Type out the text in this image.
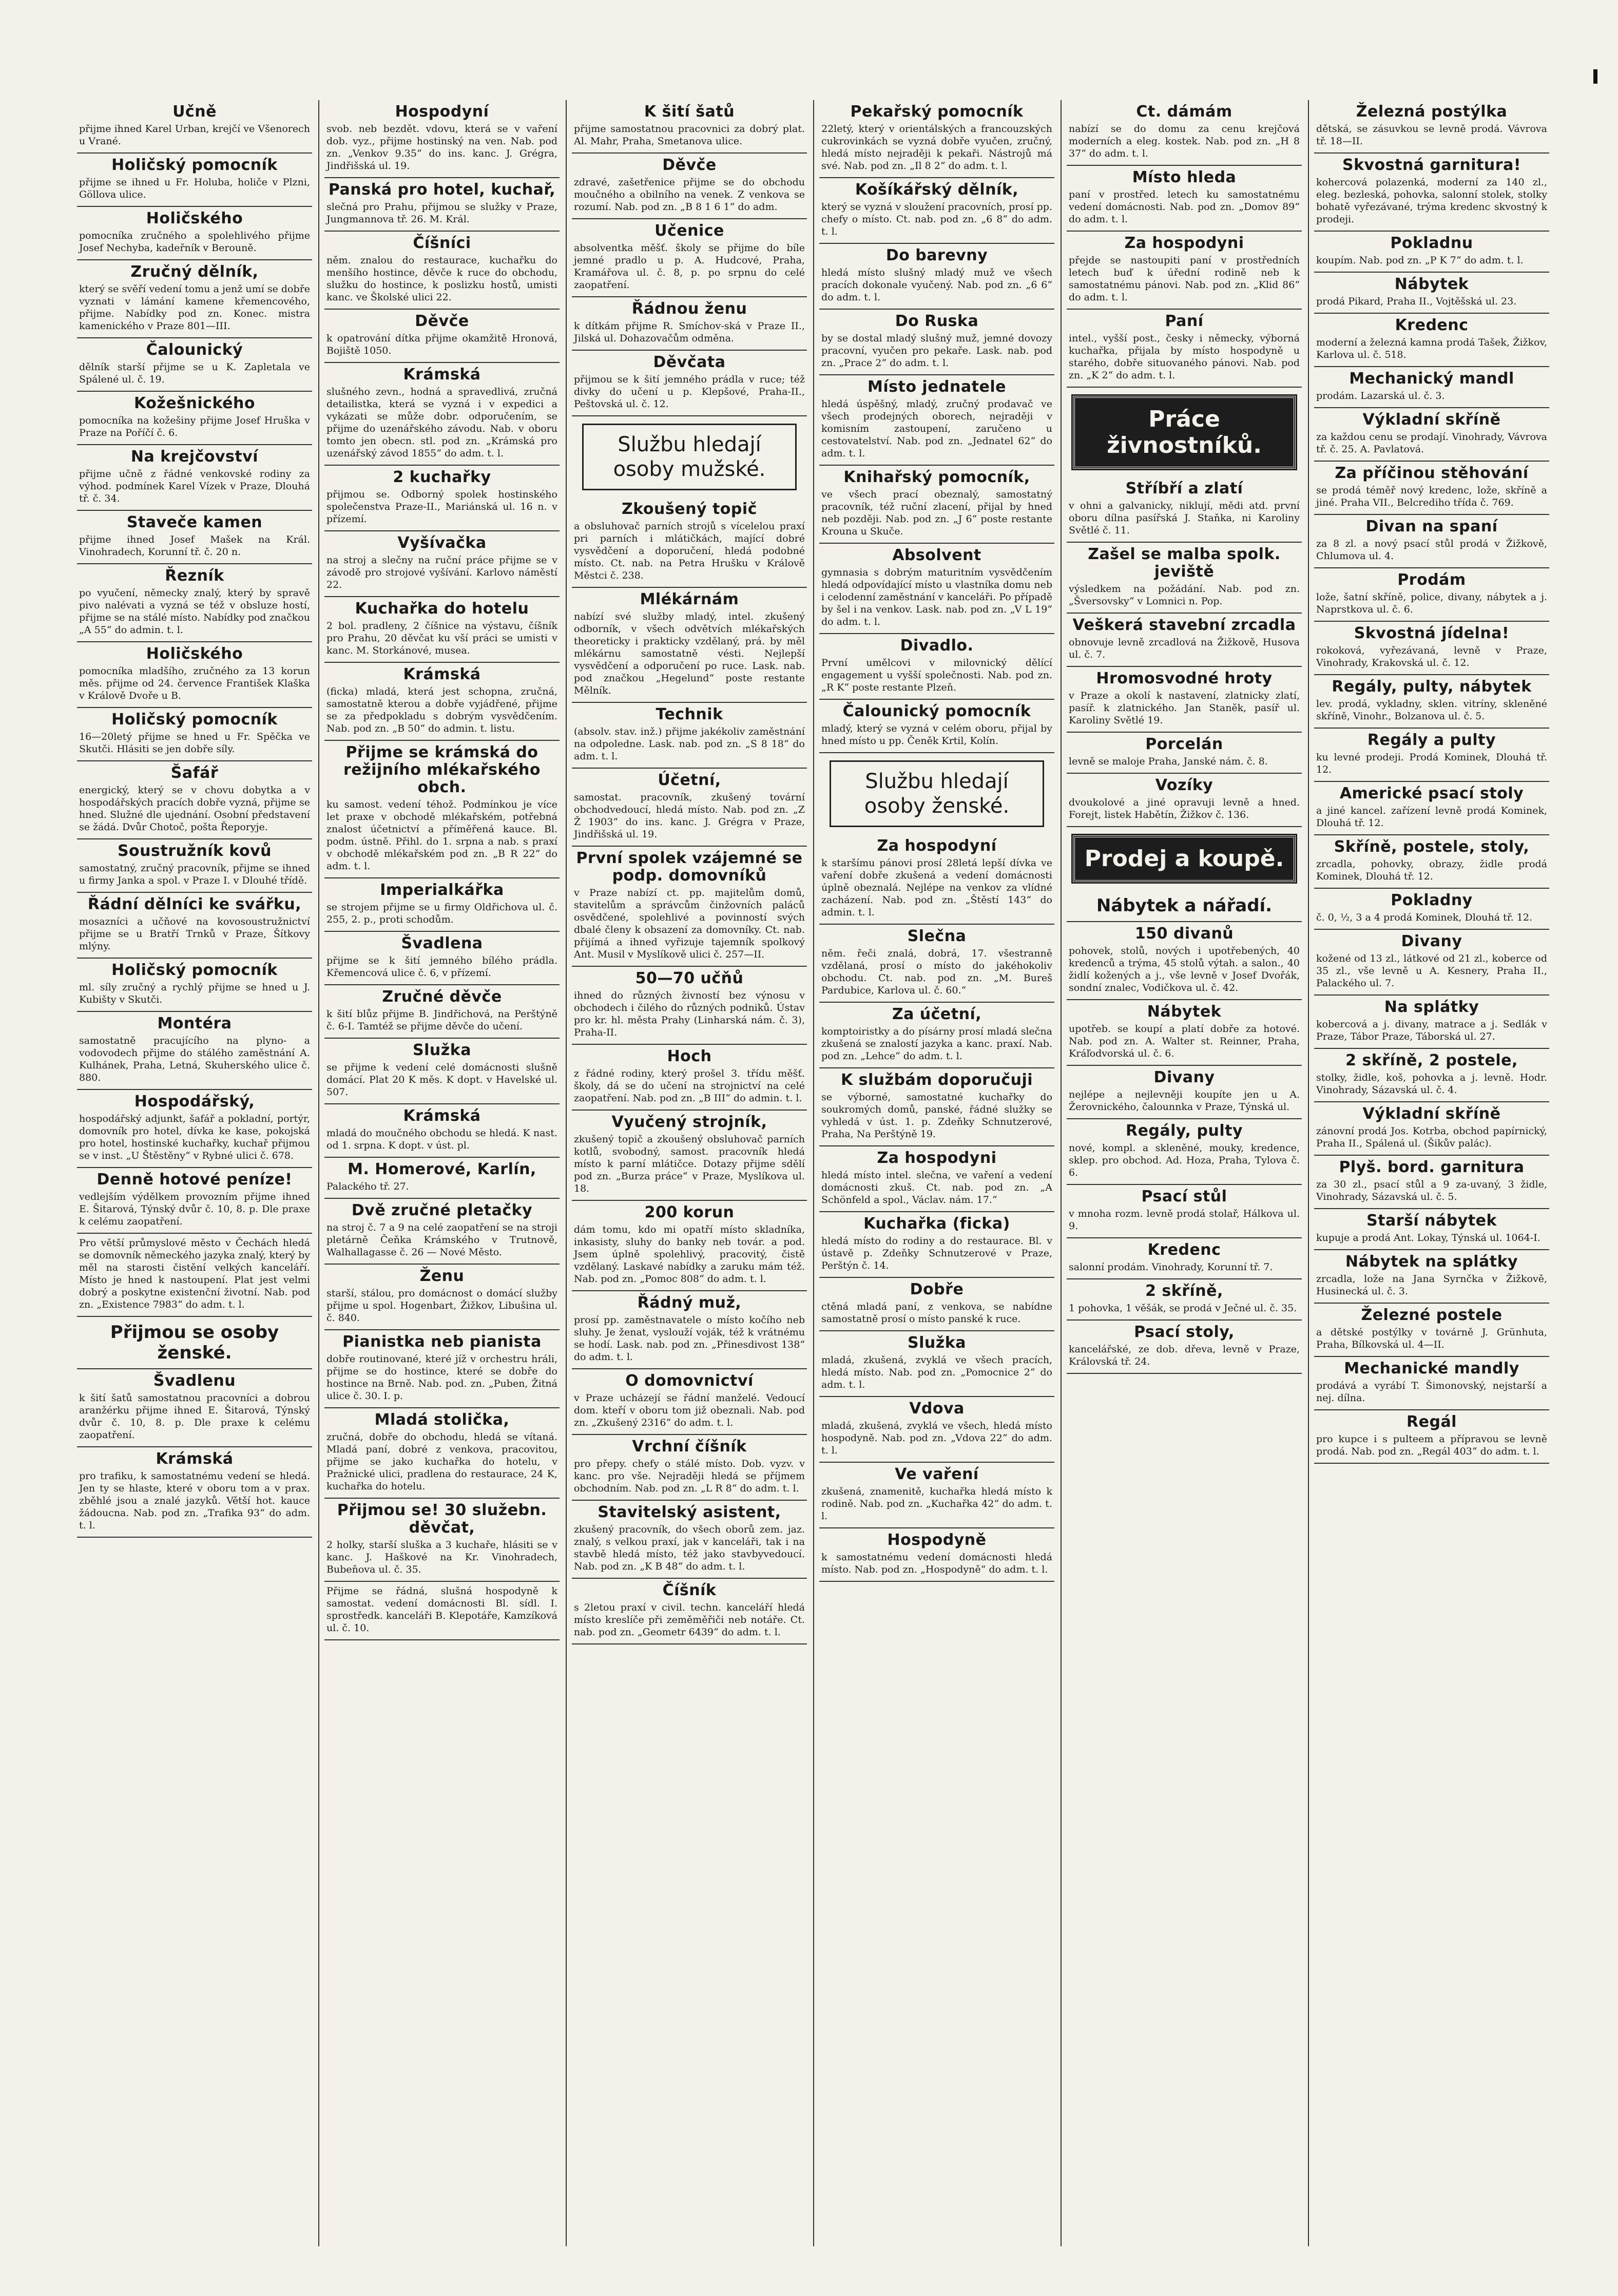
Učně

přijme ihned Karel Urban, krejčí ve Všenorech u Vrané.

Holičský pomocník

přijme se ihned u Fr. Holuba, holiče v Plzni, Göllova ulice.

Holičského

pomocníka zručného a spolehlivého přijme Josef Nechyba, kadeřník v Berouně.

Zručný dělník,

který se svěří vedení tomu a jenž umí se dobře vyznati v lámání kamene křemencového, přijme. Nabídky pod zn. Konec. mistra kamenického v Praze 801—III.

Čalounický

dělník starší přijme se u K. Zapletala ve Spálené ul. č. 19.

Kožešnického

pomocníka na kožešiny přijme Josef Hruška v Praze na Poříčí č. 6.

Na krejčovství

přijme učně z řádné venkovské rodiny za výhod. podmínek Karel Vízek v Praze, Dlouhá tř. č. 34.

Staveče kamen

přijme ihned Josef Mašek na Král. Vinohradech, Korunní tř. č. 20 n.

Řezník

po vyučení, německy znalý, který by spravě pivo nalévati a vyzná se též v obsluze hostí, přijme se na stálé místo. Nabídky pod značkou „A 55“ do admin. t. l.

Holičského

pomocníka mladšího, zručného za 13 korun měs. přijme od 24. července František Klaška v Králově Dvoře u B.

Holičský pomocník

16—20letý přijme se hned u Fr. Spěčka ve Skutči. Hlásiti se jen dobře síly.

Šafář

energický, který se v chovu dobytka a v hospodářských pracích dobře vyzná, přijme se hned. Služné dle ujednání. Osobní představení se žádá. Dvůr Chotoč, pošta Řeporyje.

Soustružník kovů

samostatný, zručný pracovník, přijme se ihned u firmy Janka a spol. v Praze I. v Dlouhé třídě.

Řádní dělníci ke svářku,

mosazníci a učňové na kovosoustružnictví přijme se u Bratří Trnků v Praze, Šítkovy mlýny.

Holičský pomocník

ml. síly zručný a rychlý přijme se hned u J. Kubišty v Skutči.

Montéra

samostatně pracujícího na plyno- a vodovodech přijme do stálého zaměstnání A. Kulhánek, Praha, Letná, Skuherského ulice č. 880.

Hospodářský,

hospodářský adjunkt, šafář a pokladní, portýr, domovník pro hotel, dívka ke kase, pokojská pro hotel, hostinské kuchařky, kuchař přijmou se v inst. „U Štěstěny“ v Rybné ulici č. 678.

Denně hotové peníze!

vedlejším výdělkem provozním přijme ihned E. Šitarová, Týnský dvůr č. 10, 8. p. Dle praxe k celému zaopatření.

Pro větší průmyslové město v Čechách hledá se domovník německého jazyka znalý, který by měl na starosti čistění velkých kanceláří. Místo je hned k nastoupení. Plat jest velmi dobrý a poskytne existenční životní. Nab. pod zn. „Existence 7983“ do adm. t. l.

Přijmou se osoby ženské.
Švadlenu

k šití šatů samostatnou pracovníci a dobrou aranžérku přijme ihned E. Šitarová, Týnský dvůr č. 10, 8. p. Dle praxe k celému zaopatření.

Krámská

pro trafiku, k samostatnému vedení se hledá. Jen ty se hlaste, které v oboru tom a v prax. zběhlé jsou a znalé jazyků. Větší hot. kauce žádoucna. Nab. pod zn. „Trafika 93“ do adm. t. l.

Hospodyní

svob. neb bezdět. vdovu, která se v vaření dob. vyz., přijme hostinský na ven. Nab. pod zn. „Venkov 9.35“ do ins. kanc. J. Grégra, Jindřišská ul. 19.

Panská pro hotel, kuchař,

slečná pro Prahu, přijmou se služky v Praze, Jungmannova tř. 26. M. Král.

Číšníci

něm. znalou do restaurace, kuchařku do menšího hostince, děvče k ruce do obchodu, služku do hostince, k poslizku hostů, umisti kanc. ve Školské ulici 22.

Děvče

k opatrování dítka přijme okamžitě Hronová, Bojiště 1050.

Krámská

slušného zevn., hodná a spravedlivá, zručná detailistka, která se vyzná i v expedici a vykázati se může dobr. odporučením, se přijme do uzenářského závodu. Nab. v oboru tomto jen obecn. stl. pod zn. „Krámská pro uzenářský závod 1855“ do adm. t. l.

2 kuchařky

přijmou se. Odborný spolek hostinského společenstva Praze-II., Mariánská ul. 16 n. v přízemí.

Vyšívačka

na stroj a slečny na ruční práce přijme se v závodě pro strojové vyšívání. Karlovo náměstí 22.

Kuchařka do hotelu

2 bol. pradleny, 2 číšnice na výstavu, číšník pro Prahu, 20 děvčat ku vší práci se umisti v kanc. M. Storkánové, musea.

Krámská

(ficka) mladá, která jest schopna, zručná, samostatně kterou a dobře vyjádřené, přijme se za předpokladu s dobrým vysvědčením. Nab. pod zn. „B 50“ do admin. t. listu.

Přijme se krámská do režijního mlékařského obch.

ku samost. vedení téhož. Podmínkou je více let praxe v obchodě mlékařském, potřebná znalost účetnictví a příměřená kauce. Bl. podm. ústně. Přihl. do 1. srpna a nab. s praxí v obchodě mlékařském pod zn. „B R 22“ do adm. t. l.

Imperialkářka

se strojem přijme se u firmy Oldřichova ul. č. 255, 2. p., proti schodům.

Švadlena

přijme se k šití jemného bílého prádla. Křemencová ulice č. 6, v přízemí.

Zručné děvče

k šití blůz přijme B. Jindřichová, na Perštýně č. 6-I. Tamtéž se přijme děvče do učení.

Služka

se přijme k vedení celé domácnosti slušně domácí. Plat 20 K měs. K dopt. v Havelské ul. 507.

Krámská

mladá do moučného obchodu se hledá. K nast. od 1. srpna. K dopt. v úst. pl.

M. Homerové, Karlín,

Palackého tř. 27.

Dvě zručné pletačky

na stroj č. 7 a 9 na celé zaopatření se na stroji pletárně Čeňka Krámského v Trutnově, Walhallagasse č. 26 — Nové Město.

Ženu

starší, stálou, pro domácnost o domácí služby přijme u spol. Hogenbart, Žižkov, Libušina ul. č. 840.

Pianistka neb pianista

dobře routinované, které jíž v orchestru hráli, přijme se do hostince, které se dobře do hostince na Brně. Nab. pod. zn. „Puben, Žitná ulice č. 30. I. p.

Mladá stolička,

zručná, dobře do obchodu, hledá se vítaná. Mladá paní, dobré z venkova, pracovitou, přijme se jako kuchařka do hotelu, v Pražnické ulici, pradlena do restaurace, 24 K, kuchařka do hotelu.

Přijmou se! 30 služebn. děvčat,

2 holky, starší sluška a 3 kuchaře, hlásiti se v kanc. J. Haškové na Kr. Vinohradech, Bubeňova ul. č. 35.

Přijme se řádná, slušná hospodyně k samostat. vedení domácnosti Bl. sídl. I. sprostředk. kanceláři B. Klepotáře, Kamzíková ul. č. 10.

K šití šatů

přijme samostatnou pracovnici za dobrý plat. Al. Mahr, Praha, Smetanova ulice.

Děvče

zdravé, zašetřenice přijme se do obchodu moučného a obilního na venek. Z venkova se rozumí. Nab. pod zn. „B 8 1 6 1“ do adm.

Učenice

absolventka měšť. školy se přijme do bíle jemné pradlo u p. A. Hudcové, Praha, Kramářova ul. č. 8, p. po srpnu do celé zaopatření.

Řádnou ženu

k dítkám přijme R. Smíchov-ská v Praze II., Jilská ul. Dohazovačům odměna.

Děvčata

přijmou se k šití jemného prádla v ruce; též divky do učení u p. Klepšové, Praha-II., Peštovská ul. č. 12.

Službu hledají osoby mužské.
Zkoušený topič

a obsluhovač parních strojů s vícelelou praxí pri parních i mlátičkách, mající dobré vysvědčení a doporučení, hledá podobné místo. Ct. nab. na Petra Hrušku v Králově Městci č. 238.

Mlékárnám

nabízí své služby mladý, intel. zkušený odborník, v všech odvětvích mlékařských theoreticky i prakticky vzdělaný, prá. by měl mlékárnu samostatně vésti. Nejlepší vysvědčení a odporučení po ruce. Lask. nab. pod značkou „Hegelund“ poste restante Mělník.

Technik

(absolv. stav. inž.) přijme jakékoliv zaměstnání na odpoledne. Lask. nab. pod zn. „S 8 18“ do adm. t. l.

Účetní,

samostat. pracovník, zkušený tovární obchodvedoucí, hledá místo. Nab. pod zn. „Z Ž 1903“ do ins. kanc. J. Grégra v Praze, Jindřišská ul. 19.

První spolek vzájemné se podp. domovníků

v Praze nabízí ct. pp. majitelům domů, stavitelům a správcům činžovních paláců osvědčené, spolehlivé a povinností svých dbalé členy k obsazení za domovníky. Ct. nab. přijímá a ihned vyřizuje tajemník spolkový Ant. Musil v Myslíkově ulici č. 257—II.

50—70 učňů

ihned do různých živností bez výnosu v obchodech i čilého do různých podniků. Ústav pro kr. hl. města Prahy (Linharská nám. č. 3), Praha-II.

Hoch

z řádné rodiny, který prošel 3. třídu měšť. školy, dá se do učení na strojnictví na celé zaopatření. Nab. pod zn. „B III“ do admin. t. l.

Vyučený strojník,

zkušený topič a zkoušený obsluhovač parních kotlů, svobodný, samost. pracovník hledá místo k parní mlátičce. Dotazy přijme sdělí pod zn. „Burza práce“ v Praze, Myslíkova ul. 18.

200 korun

dám tomu, kdo mi opatří místo skladníka, inkasisty, sluhy do banky neb továr. a pod. Jsem úplně spolehlivý, pracovitý, čistě vzdělaný. Laskavé nabídky a zaruku mám též. Nab. pod zn. „Pomoc 808“ do adm. t. l.

Řádný muž,

prosí pp. zaměstnavatele o místo kočího neb sluhy. Je ženat, vyslouží voják, též k vrátnému se hodí. Lask. nab. pod zn. „Přinesdivost 138“ do adm. t. l.

O domovnictví

v Praze ucházejí se řádní manželé. Vedoucí dom. kteří v oboru tom již obeznali. Nab. pod zn. „Zkušený 2316“ do adm. t. l.

Vrchní číšník

pro přepy. chefy o stálé místo. Dob. vyzv. v kanc. pro vše. Nejraději hledá se příjmem obchodním. Nab. pod zn. „L R 8“ do adm. t. l.

Stavitelský asistent,

zkušený pracovník, do všech oborů zem. jaz. znalý, s velkou praxí, jak v kanceláři, tak i na stavbě hledá místo, též jako stavbyvedoucí. Nab. pod zn. „K B 48“ do adm. t. l.

Číšník

s 2letou praxí v civil. techn. kanceláří hledá místo kreslíče při zeměměřiči neb notáře. Ct. nab. pod zn. „Geometr 6439“ do adm. t. l.

Pekařský pomocník

22letý, který v orientálských a francouzských cukrovinkách se vyzná dobře vyučen, zručný, hledá místo nejraději k pekaři. Nástrojů má své. Nab. pod zn. „Il 8 2“ do adm. t. l.

Košíkářský dělník,

který se vyzná v sloužení pracovních, prosí pp. chefy o místo. Ct. nab. pod zn. „6 8“ do adm. t. l.

Do barevny

hledá místo slušný mladý muž ve všech pracích dokonale vyučený. Nab. pod zn. „6 6“ do adm. t. l.

Do Ruska

by se dostal mladý slušný muž, jemné dovozy pracovní, vyučen pro pekaře. Lask. nab. pod zn. „Prace 2“ do adm. t. l.

Místo jednatele

hledá úspěšný, mladý, zručný prodavač ve všech prodejných oborech, nejraději v komisním zastoupení, zaručeno u cestovatelství. Nab. pod zn. „Jednatel 62“ do adm. t. l.

Knihařský pomocník,

ve všech prací obeznalý, samostatný pracovník, též ruční zlacení, přijal by hned neb později. Nab. pod zn. „J 6“ poste restante Krouna u Skuče.

Absolvent

gymnasia s dobrým maturitním vysvědčením hledá odpovídající místo u vlastníka domu neb i celodenní zaměstnání v kanceláři. Po případě by šel i na venkov. Lask. nab. pod zn. „V L 19“ do adm. t. l.

Divadlo.

První umělcovi v milovnický dělící engagement u vyšší společnosti. Nab. pod zn. „R K“ poste restante Plzeň.

Čalounický pomocník

mladý, který se vyzná v celém oboru, přijal by hned místo u pp. Čeněk Krtil, Kolín.

Službu hledají osoby ženské.
Za hospodyní

k staršímu pánovi prosí 28letá lepší dívka ve vaření dobře zkušená a vedení domácnosti úplně obeznalá. Nejlépe na venkov za vlídné zacházení. Nab. pod zn. „Štěstí 143“ do admin. t. l.

Slečna

něm. řeči znalá, dobrá, 17. všestranně vzdělaná, prosí o místo do jakéhokoliv obchodu. Ct. nab. pod zn. „M. Bureš Pardubice, Karlova ul. č. 60.“

Za účetní,

komptoiristky a do písárny prosí mladá slečna zkušená se znalostí jazyka a kanc. praxí. Nab. pod zn. „Lehce“ do adm. t. l.

K službám doporučuji

se výborné, samostatné kuchařky do soukromých domů, panské, řádné služky se vyhledá v úst. 1. p. Zdeňky Schnutzerové, Praha, Na Perštýně 19.

Za hospodyni

hledá místo intel. slečna, ve vaření a vedení domácnosti zkuš. Ct. nab. pod zn. „A Schönfeld a spol., Václav. nám. 17.“

Kuchařka (ficka)

hledá místo do rodiny a do restaurace. Bl. v ústavě p. Zdeňky Schnutzerové v Praze, Perštýn č. 14.

Dobře

ctěná mladá paní, z venkova, se nabídne samostatně prosí o místo panské k ruce.

Služka

mladá, zkušená, zvyklá ve všech pracích, hledá místo. Nab. pod zn. „Pomocnice 2“ do adm. t. l.

Vdova

mladá, zkušená, zvyklá ve všech, hledá místo hospodyně. Nab. pod zn. „Vdova 22“ do adm. t. l.

Ve vaření

zkušená, znamenitě, kuchařka hledá místo k rodině. Nab. pod zn. „Kuchařka 42“ do adm. t. l.

Hospodyně

k samostatnému vedení domácnosti hledá místo. Nab. pod zn. „Hospodyně“ do adm. t. l.

Ct. dámám

nabízí se do domu za cenu krejčová moderních a eleg. kostek. Nab. pod zn. „H 8 37“ do adm. t. l.

Místo hleda

paní v prostřed. letech ku samostatnému vedení domácnosti. Nab. pod zn. „Domov 89“ do adm. t. l.

Za hospodyni

přejde se nastoupiti paní v prostředních letech buď k úřední rodině neb k samostatnému pánovi. Nab. pod zn. „Klid 86“ do adm. t. l.

Paní

intel., vyšší post., česky i německy, výborná kuchařka, přijala by místo hospodyně u starého, dobře situovaného pánovi. Nab. pod zn. „K 2“ do adm. t. l.

Práce živnostníků.
Stříbří a zlatí

v ohni a galvanicky, niklují, mědi atd. první oboru dílna pasířská J. Staňka, ni Karoliny Světlé č. 11.

Zašel se malba spolk. jeviště

výsledkem na požádání. Nab. pod zn. „Šversovsky“ v Lomnici n. Pop.

Veškerá stavební zrcadla

obnovuje levně zrcadlová na Žižkově, Husova ul. č. 7.

Hromosvodné hroty

v Praze a okolí k nastavení, zlatnicky zlatí, pasíř. k zlatnického. Jan Staněk, pasíř ul. Karoliny Světlé 19.

Porcelán

levně se maloje Praha, Janské nám. č. 8.

Vozíky

dvoukolové a jiné opravuji levně a hned. Forejt, listek Habětín, Žižkov č. 136.

Prodej a koupě.
Nábytek a nářadí.
150 divanů

pohovek, stolů, nových i upotřebených, 40 kredenců a trýma, 45 stolů výtah. a salon., 40 židlí kožených a j., vše levně v Josef Dvořák, sondní znalec, Vodičkova ul. č. 42.

Nábytek

upotřeb. se koupí a platí dobře za hotové. Nab. pod zn. A. Walter st. Reinner, Praha, Kráľodvorská ul. č. 6.

Divany

nejlépe a nejlevněji koupíte jen u A. Žerovnického, čalounnka v Praze, Týnská ul.

Regály, pulty

nové, kompl. a skleněné, mouky, kredence, sklep. pro obchod. Ad. Hoza, Praha, Tylova č. 6.

Psací stůl

v mnoha rozm. levně prodá stolař, Hálkova ul. 9.

Kredenc

salonní prodám. Vinohrady, Korunní tř. 7.

2 skříně,

1 pohovka, 1 věšák, se prodá v Ječné ul. č. 35.

Psací stoly,

kancelářské, ze dob. dřeva, levně v Praze, Královská tř. 24.

Železná postýlka

dětská, se zásuvkou se levně prodá. Vávrova tř. 18—II.

Skvostná garnitura!

kohercová polazenká, moderní za 140 zl., eleg. bezleská, pohovka, salonní stolek, stolky bohatě vyřezávané, trýma kredenc skvostný k prodeji.

Pokladnu

koupím. Nab. pod zn. „P K 7“ do adm. t. l.

Nábytek

prodá Pikard, Praha II., Vojtěšská ul. 23.

Kredenc

moderní a železná kamna prodá Tašek, Žižkov, Karlova ul. č. 518.

Mechanický mandl

prodám. Lazarská ul. č. 3.

Výkladní skříně

za každou cenu se prodají. Vinohrady, Vávrova tř. č. 25. A. Pavlatová.

Za příčinou stěhování

se prodá téměř nový kredenc, lože, skříně a jiné. Praha VII., Belcrediho třída č. 769.

Divan na spaní

za 8 zl. a nový psací stůl prodá v Žižkově, Chlumova ul. 4.

Prodám

lože, šatní skříně, police, divany, nábytek a j. Naprstkova ul. č. 6.

Skvostná jídelna!

rokoková, vyřezávaná, levně v Praze, Vinohrady, Krakovská ul. č. 12.

Regály, pulty, nábytek

lev. prodá, vykladny, sklen. vitríny, skleněné skříně, Vinohr., Bolzanova ul. č. 5.

Regály a pulty

ku levné prodeji. Prodá Kominek, Dlouhá tř. 12.

Americké psací stoly

a jiné kancel. zařízení levně prodá Kominek, Dlouhá tř. 12.

Skříně, postele, stoly,

zrcadla, pohovky, obrazy, židle prodá Kominek, Dlouhá tř. 12.

Pokladny

č. 0, ½, 3 a 4 prodá Kominek, Dlouhá tř. 12.

Divany

kožené od 13 zl., látkové od 21 zl., koberce od 35 zl., vše levně u A. Kesnery, Praha II., Palackého ul. 7.

Na splátky

kobercová a j. divany, matrace a j. Sedlák v Praze, Tábor Praze, Táborská ul. 27.

2 skříně, 2 postele,

stolky, židle, koš, pohovka a j. levně. Hodr. Vinohrady, Sázavská ul. č. 4.

Výkladní skříně

zánovní prodá Jos. Kotrba, obchod papírnický, Praha II., Spálená ul. (Šikův palác).

Plyš. bord. garnitura

za 30 zl., psací stůl a 9 za-uvaný, 3 židle, Vinohrady, Sázavská ul. č. 5.

Starší nábytek

kupuje a prodá Ant. Lokay, Týnská ul. 1064-I.

Nábytek na splátky

zrcadla, lože na Jana Syrnčka v Žižkově, Husinecká ul. č. 3.

Železné postele

a dětské postýlky v továrně J. Grünhuta, Praha, Bílkovská ul. 4—II.

Mechanické mandly

prodává a vyrábí T. Šimonovský, nejstarší a nej. dílna.

Regál

pro kupce i s pulteem a přípravou se levně prodá. Nab. pod zn. „Regál 403“ do adm. t. l.
